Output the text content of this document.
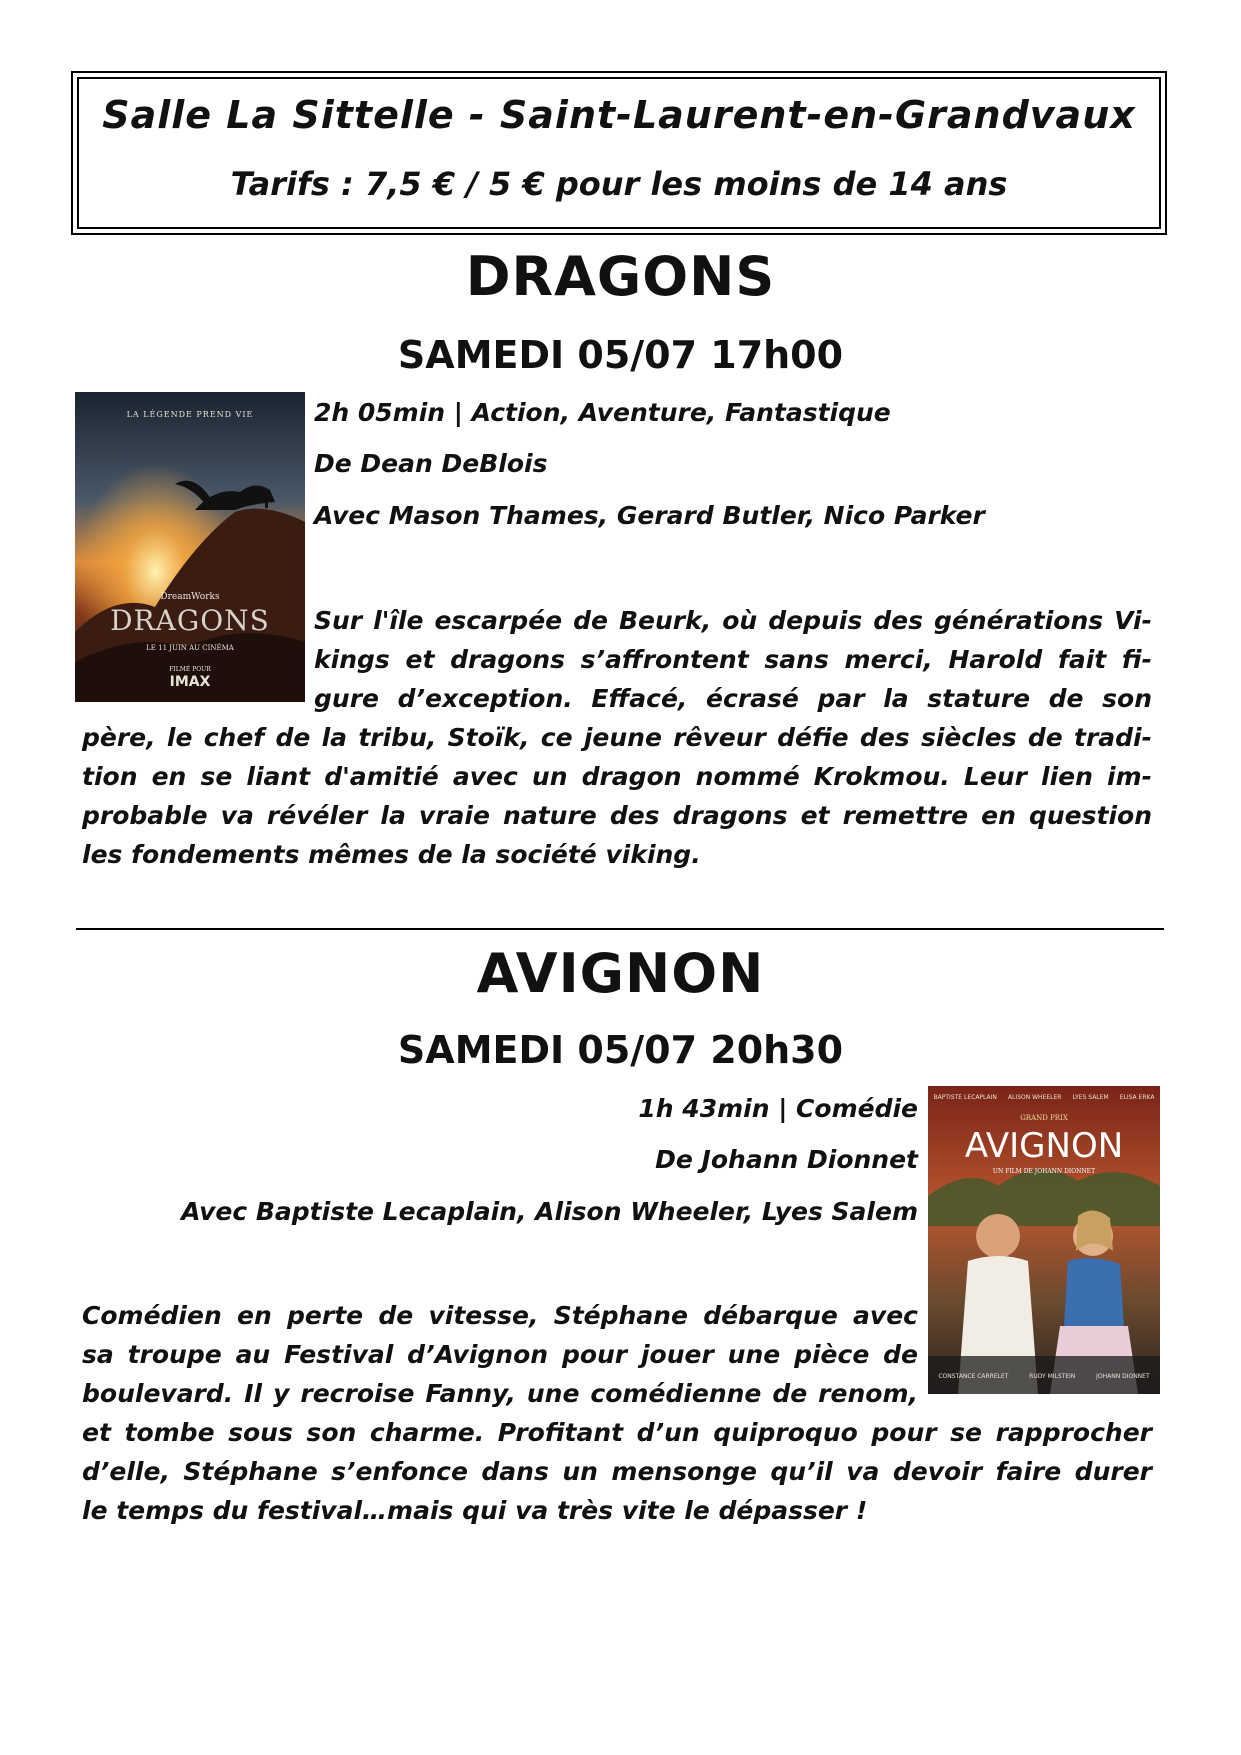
Salle La Sittelle - Saint-Laurent-en-Grandvaux
Tarifs : 7,5 € / 5 € pour les moins de 14 ans
DRAGONS
SAMEDI 05/07 17h00
LA LÉGENDE PREND VIE
DreamWorks
DRAGONS
LE 11 JUIN AU CINÉMA
FILMÉ POUR
IMAX
2h 05min | Action, Aventure, Fantastique
De Dean DeBlois
Avec Mason Thames, Gerard Butler, Nico Parker

Sur l'île escarpée de Beurk, où depuis des générations Vi-

kings et dragons s’affrontent sans merci, Harold fait fi-

gure d’exception. Effacé, écrasé par la stature de son

père, le chef de la tribu, Stoïk, ce jeune rêveur défie des siècles de tradi-

tion en se liant d'amitié avec un dragon nommé Krokmou. Leur lien im-

probable va révéler la vraie nature des dragons et remettre en question

les fondements mêmes de la société viking.

AVIGNON
SAMEDI 05/07 20h30
1h 43min | Comédie
De Johann Dionnet
Avec Baptiste Lecaplain, Alison Wheeler, Lyes Salem
BAPTISTE LECAPLAIN ALISON WHEELER LYES SALEM ELISA ERKA
GRAND PRIX
AVIGNON
UN FILM DE JOHANN DIONNET
CONSTANCE CARRELET	RUDY MILSTEIN	JOHANN DIONNET

Comédien en perte de vitesse, Stéphane débarque avec

sa troupe au Festival d’Avignon pour jouer une pièce de

boulevard. Il y recroise Fanny, une comédienne de renom,

et tombe sous son charme. Profitant d’un quiproquo pour se rapprocher

d’elle, Stéphane s’enfonce dans un mensonge qu’il va devoir faire durer

le temps du festival…mais qui va très vite le dépasser !
